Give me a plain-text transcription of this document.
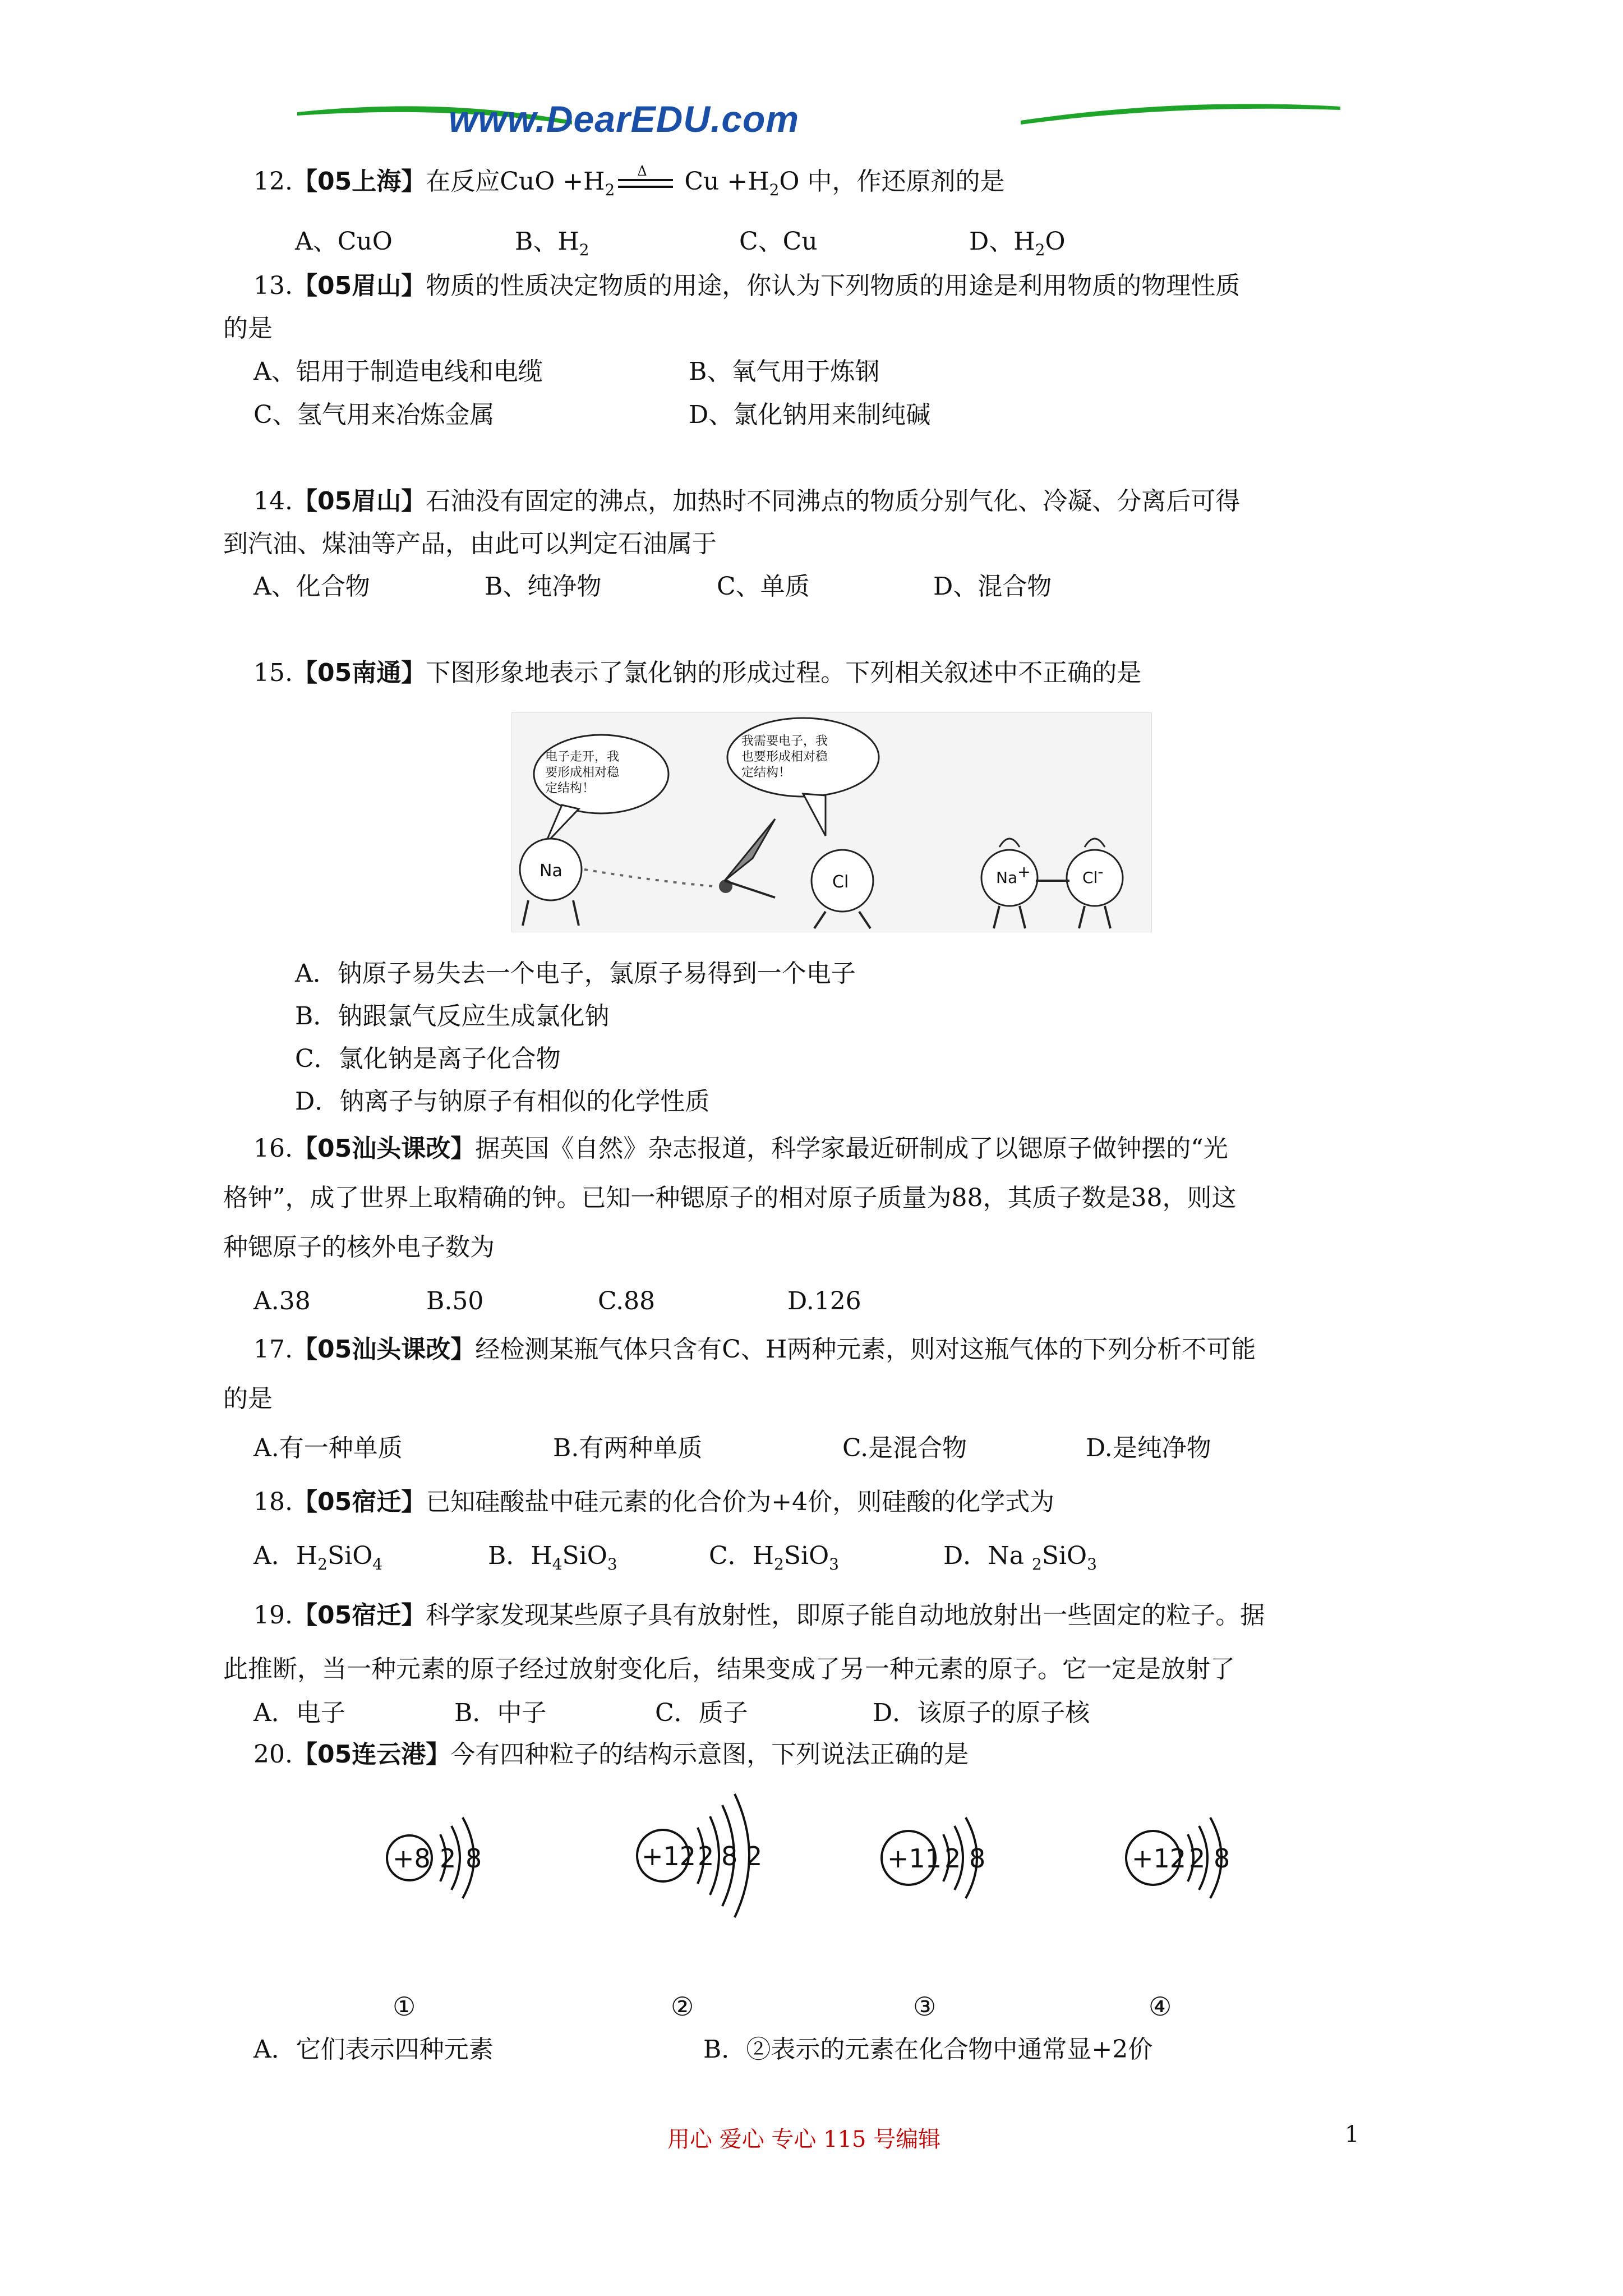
www.DearEDU.com
12.【05上海】在反应CuO $+H_2$
Δ $Cu +H_2O$ 中，作还原剂的是
A、CuO	B、$H_2$	C、Cu	D、$H_2O$
13.【05眉山】物质的性质决定物质的用途，你认为下列物质的用途是利用物质的物理性质
的是
A、铝用于制造电线和电缆	B、氧气用于炼钢
C、氢气用来冶炼金属	D、氯化钠用来制纯碱
14.【05眉山】石油没有固定的沸点，加热时不同沸点的物质分别气化、冷凝、分离后可得
到汽油、煤油等产品，由此可以判定石油属于
A、化合物	B、纯净物	C、单质	D、混合物
15.【05南通】下图形象地表示了氯化钠的形成过程。下列相关叙述中不正确的是
电子走开，我
要形成相对稳
定结构！
我需要电子，我
也要形成相对稳
定结构！
Na
Cl	Na+	Cl-
A．钠原子易失去一个电子，氯原子易得到一个电子
B．钠跟氯气反应生成氯化钠
C．氯化钠是离子化合物
D．钠离子与钠原子有相似的化学性质
16.【05汕头课改】据英国《自然》杂志报道，科学家最近研制成了以锶原子做钟摆的“光
格钟”，成了世界上取精确的钟。已知一种锶原子的相对原子质量为88，其质子数是38，则这
种锶原子的核外电子数为
A.38	B.50	C.88	D.126
17.【05汕头课改】经检测某瓶气体只含有C、H两种元素，则对这瓶气体的下列分析不可能
的是
A.有一种单质	B.有两种单质	C.是混合物	D.是纯净物
18.【05宿迁】已知硅酸盐中硅元素的化合价为+4价，则硅酸的化学式为
A．$H_2SiO_4$	B．$H_4SiO_3$	C．$H_2SiO_3$	D．Na $_2$SiO$_3$
19.【05宿迁】科学家发现某些原子具有放射性，即原子能自动地放射出一些固定的粒子。据
此推断，当一种元素的原子经过放射变化后，结果变成了另一种元素的原子。它一定是放射了
A．电子	B．中子	C．质子	D．该原子的原子核
20.【05连云港】今有四种粒子的结构示意图，下列说法正确的是
+8 2 8	+12 2 8 2	+11 2 8	+12 2 8
①	②	③	④
A．它们表示四种元素	B．②表示的元素在化合物中通常显+2价
用心 爱心 专心 115 号编辑	1
